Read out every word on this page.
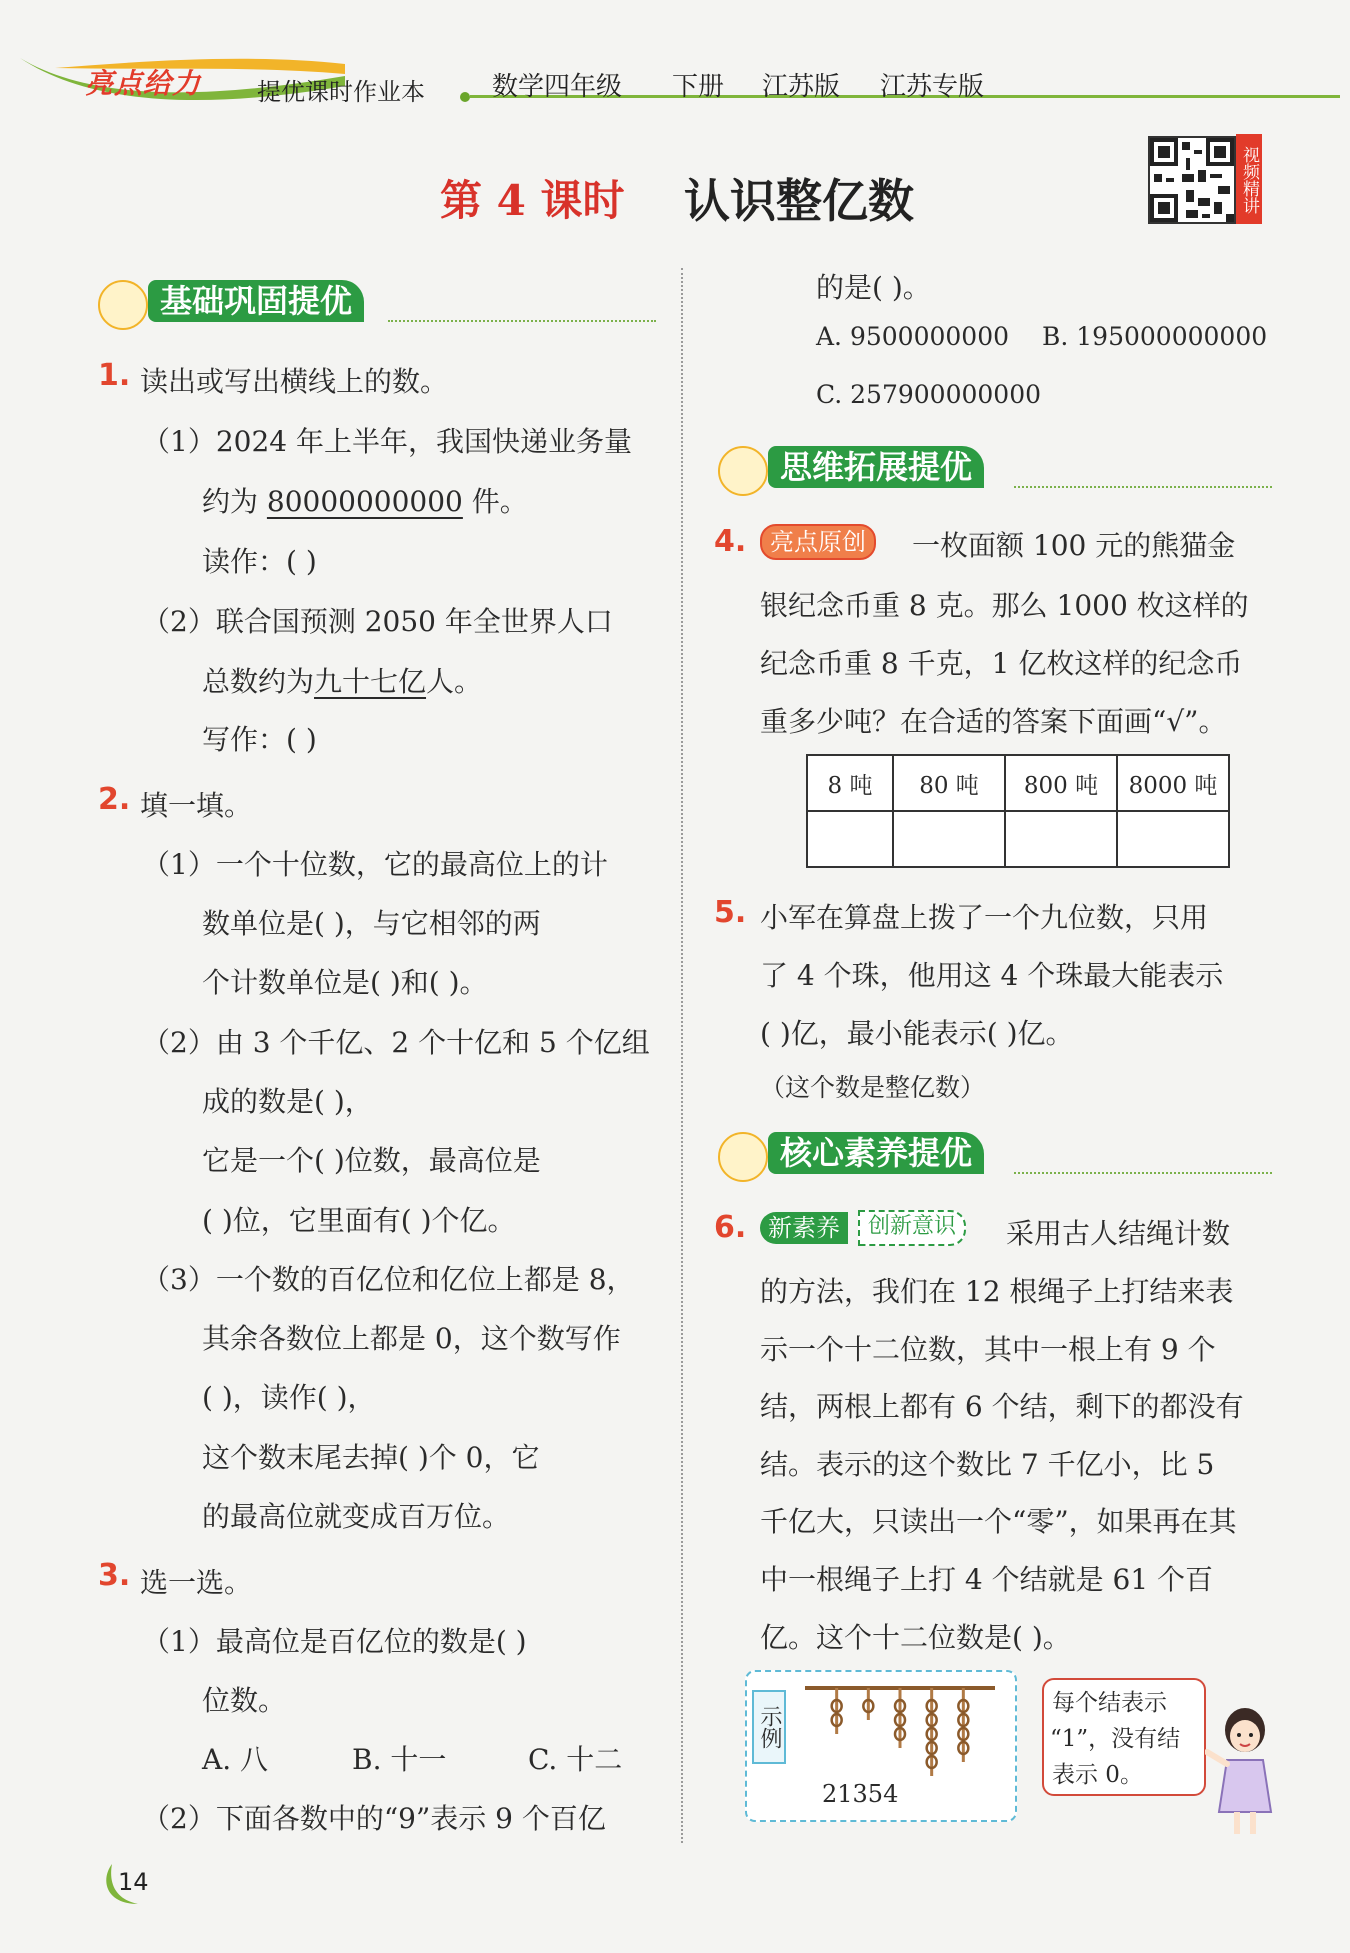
亮点给力 提优课时作业本	数学四年级 下册 江苏版 江苏专版
第 4 课时 认识整亿数	视频精讲
基础巩固提优
1. 读出或写出横线上的数。
（1）2024 年上半年，我国快递业务量
约为 80000000000 件。
读作：( )
（2）联合国预测 2050 年全世界人口
总数约为九十七亿人。
写作：( )
2. 填一填。
（1）一个十位数，它的最高位上的计
数单位是( )，与它相邻的两
个计数单位是( )和( )。
（2）由 3 个千亿、2 个十亿和 5 个亿组
成的数是( )，
它是一个( )位数，最高位是
( )位，它里面有( )个亿。
（3）一个数的百亿位和亿位上都是 8，
其余各数位上都是 0，这个数写作
( )，读作( )，
这个数末尾去掉( )个 0，它
的最高位就变成百万位。
3. 选一选。
（1）最高位是百亿位的数是( )
位数。
A. 八	B. 十一	C. 十二
（2）下面各数中的“9”表示 9 个百亿
的是( )。
A. 9500000000 B. 195000000000
C. 257900000000
思维拓展提优
4. 亮点原创	一枚面额 100 元的熊猫金
银纪念币重 8 克。那么 1000 枚这样的
纪念币重 8 千克，1 亿枚这样的纪念币
重多少吨？在合适的答案下面画“√”。
8 吨	80 吨	800 吨	8000 吨

5. 小军在算盘上拨了一个九位数，只用
了 4 个珠，他用这 4 个珠最大能表示
( )亿，最小能表示( )亿。
（这个数是整亿数）
核心素养提优
6. 新素养	创新意识	采用古人结绳计数
的方法，我们在 12 根绳子上打结来表
示一个十二位数，其中一根上有 9 个
结，两根上都有 6 个结，剩下的都没有
结。表示的这个数比 7 千亿小，比 5
千亿大，只读出一个“零”，如果再在其
中一根绳子上打 4 个结就是 61 个百
亿。这个十二位数是( )。
示例
21354
每个结表示
“1”，没有结
表示 0。
14
